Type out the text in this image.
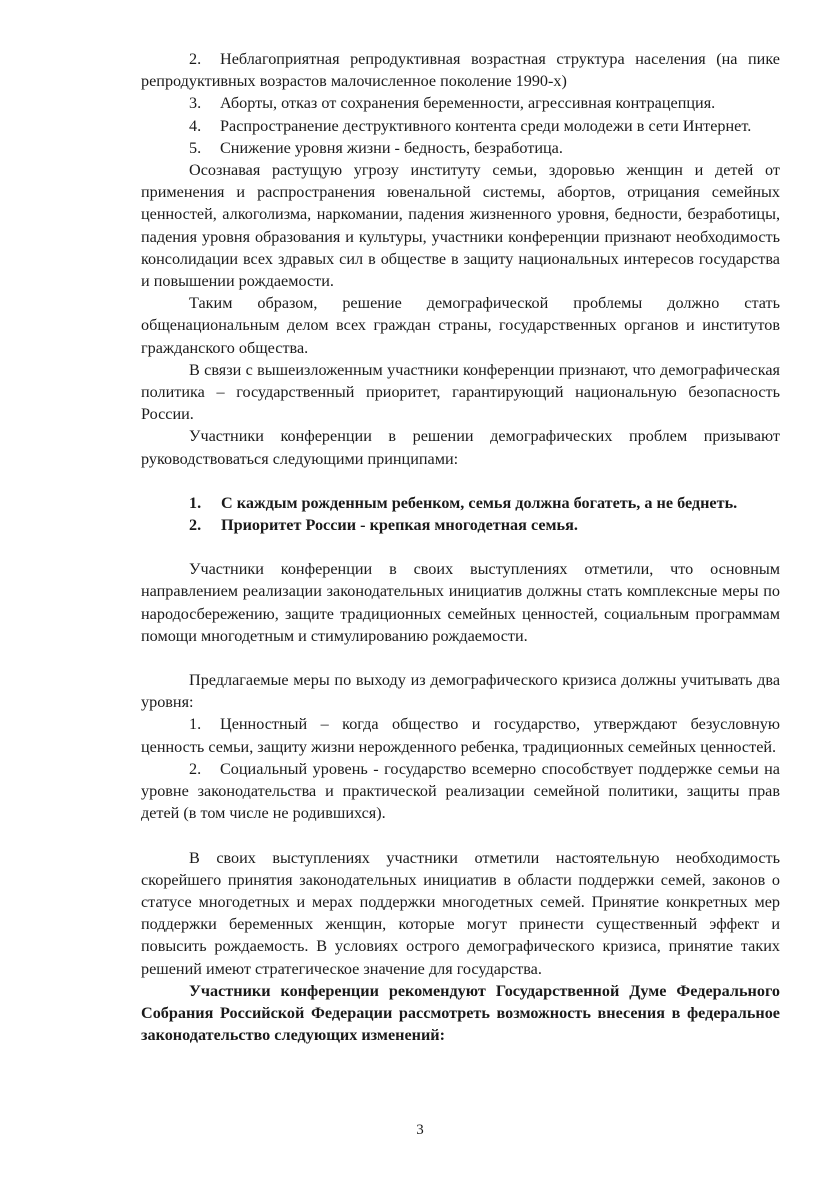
2. Неблагоприятная репродуктивная возрастная структура населения (на пике репродуктивных возрастов малочисленное поколение 1990-х)

3. Аборты, отказ от сохранения беременности, агрессивная контрацепция.

4. Распространение деструктивного контента среди молодежи в сети Интернет.

5. Снижение уровня жизни - бедность, безработица.

Осознавая растущую угрозу институту семьи, здоровью женщин и детей от применения и распространения ювенальной системы, абортов, отрицания семейных ценностей, алкоголизма, наркомании, падения жизненного уровня, бедности, безработицы, падения уровня образования и культуры, участники конференции признают необходимость консолидации всех здравых сил в обществе в защиту национальных интересов государства и повышении рождаемости.

Таким образом, решение демографической проблемы должно стать общенациональным делом всех граждан страны, государственных органов и институтов гражданского общества.

В связи с вышеизложенным участники конференции признают, что демографическая политика – государственный приоритет, гарантирующий национальную безопасность России.

Участники конференции в решении демографических проблем призывают руководствоваться следующими принципами:

1. С каждым рожденным ребенком, семья должна богатеть, а не беднеть.

2. Приоритет России - крепкая многодетная семья.

Участники конференции в своих выступлениях отметили, что основным направлением реализации законодательных инициатив должны стать комплексные меры по народосбережению, защите традиционных семейных ценностей, социальным программам помощи многодетным и стимулированию рождаемости.

Предлагаемые меры по выходу из демографического кризиса должны учитывать два уровня:

1. Ценностный – когда общество и государство, утверждают безусловную ценность семьи, защиту жизни нерожденного ребенка, традиционных семейных ценностей.

2. Социальный уровень - государство всемерно способствует поддержке семьи на уровне законодательства и практической реализации семейной политики, защиты прав детей (в том числе не родившихся).

В своих выступлениях участники отметили настоятельную необходимость скорейшего принятия законодательных инициатив в области поддержки семей, законов о статусе многодетных и мерах поддержки многодетных семей. Принятие конкретных мер поддержки беременных женщин, которые могут принести существенный эффект и повысить рождаемость. В условиях острого демографического кризиса, принятие таких решений имеют стратегическое значение для государства.

Участники конференции рекомендуют Государственной Думе Федерального Собрания Российской Федерации рассмотреть возможность внесения в федеральное законодательство следующих изменений:

3
